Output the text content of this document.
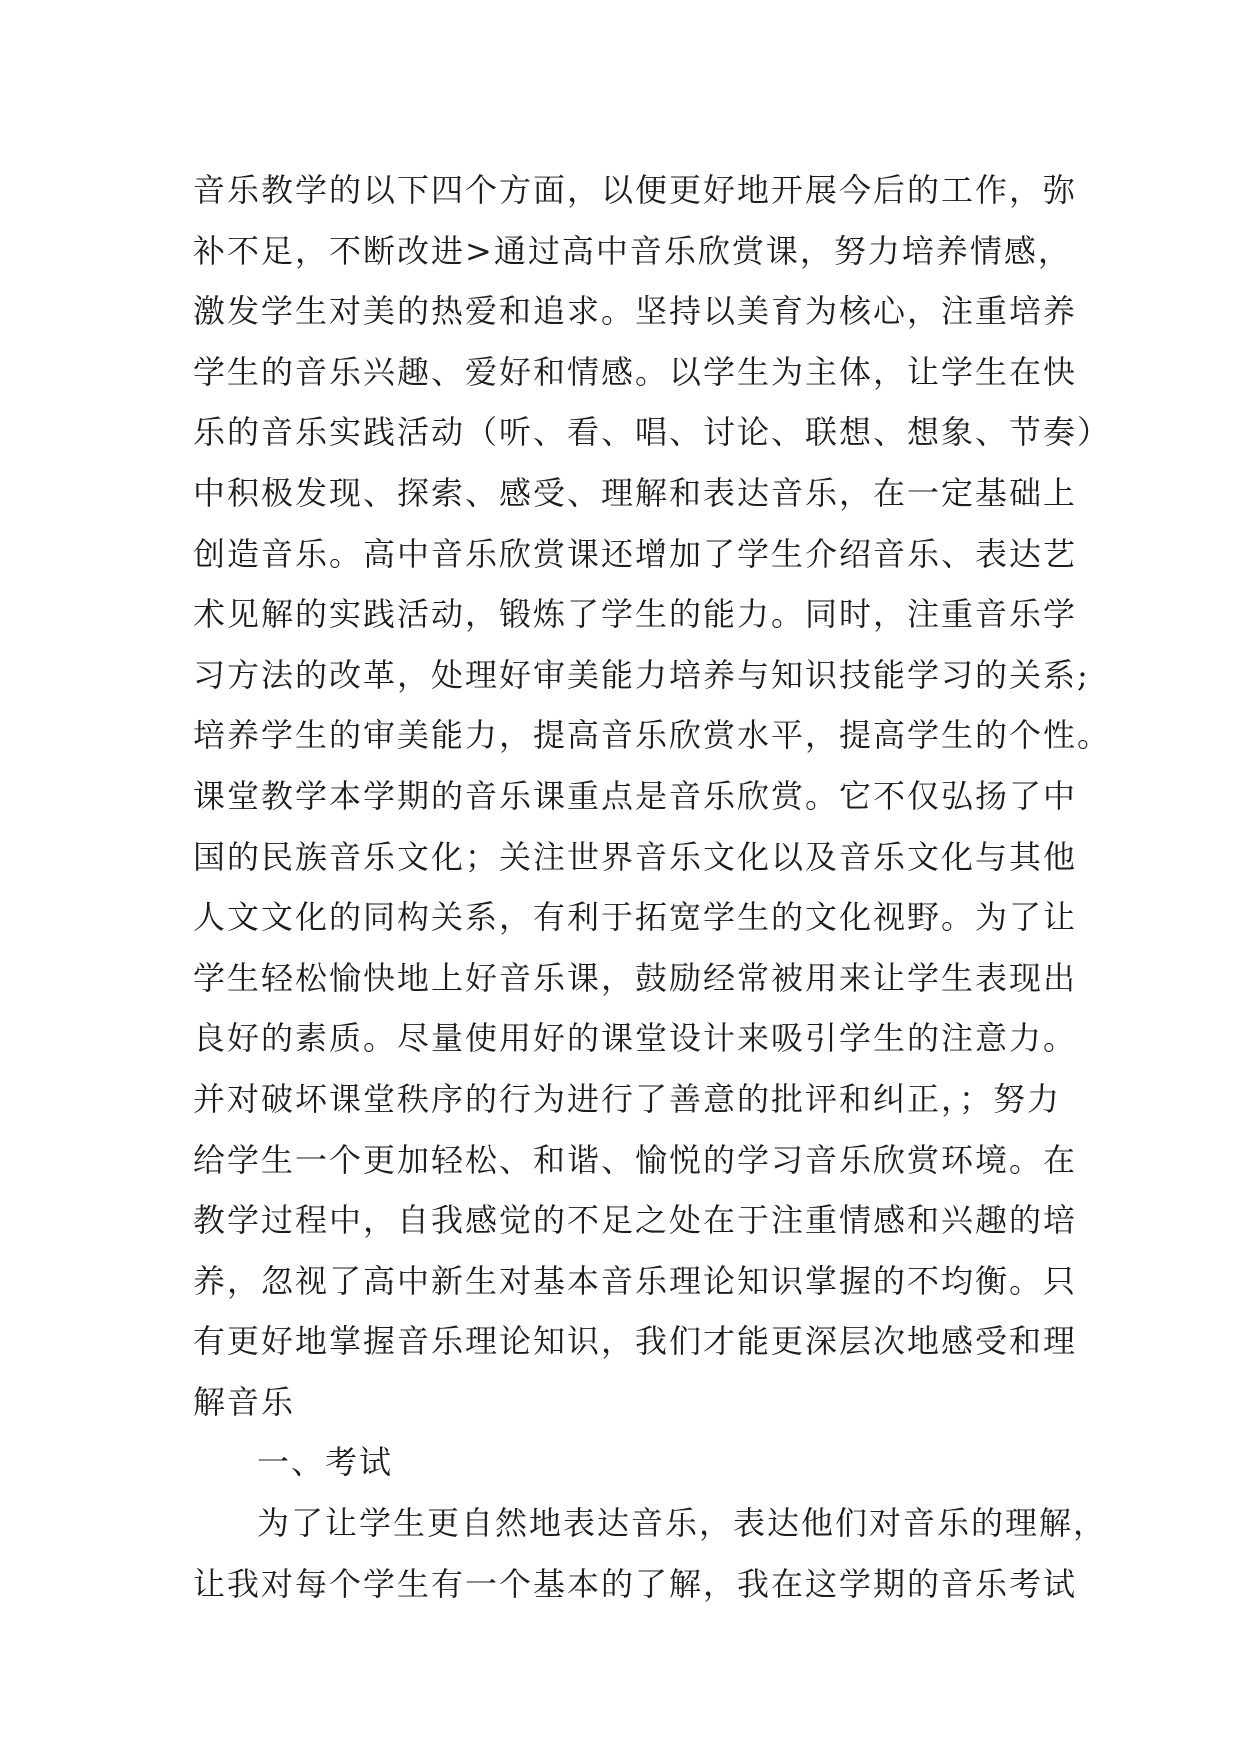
音乐教学的以下四个方面，以便更好地开展今后的工作，弥
补不足，不断改进>通过高中音乐欣赏课，努力培养情感，
激发学生对美的热爱和追求。坚持以美育为核心，注重培养
学生的音乐兴趣、爱好和情感。以学生为主体，让学生在快
乐的音乐实践活动（听、看、唱、讨论、联想、想象、节奏）
中积极发现、探索、感受、理解和表达音乐，在一定基础上
创造音乐。高中音乐欣赏课还增加了学生介绍音乐、表达艺
术见解的实践活动，锻炼了学生的能力。同时，注重音乐学
习方法的改革，处理好审美能力培养与知识技能学习的关系;
培养学生的审美能力，提高音乐欣赏水平，提高学生的个性。
课堂教学本学期的音乐课重点是音乐欣赏。它不仅弘扬了中
国的民族音乐文化；关注世界音乐文化以及音乐文化与其他
人文文化的同构关系，有利于拓宽学生的文化视野。为了让
学生轻松愉快地上好音乐课，鼓励经常被用来让学生表现出
良好的素质。尽量使用好的课堂设计来吸引学生的注意力。
并对破坏课堂秩序的行为进行了善意的批评和纠正，；努力
给学生一个更加轻松、和谐、愉悦的学习音乐欣赏环境。在
教学过程中，自我感觉的不足之处在于注重情感和兴趣的培
养，忽视了高中新生对基本音乐理论知识掌握的不均衡。只
有更好地掌握音乐理论知识，我们才能更深层次地感受和理
解音乐
一、考试
为了让学生更自然地表达音乐，表达他们对音乐的理解，
让我对每个学生有一个基本的了解，我在这学期的音乐考试
